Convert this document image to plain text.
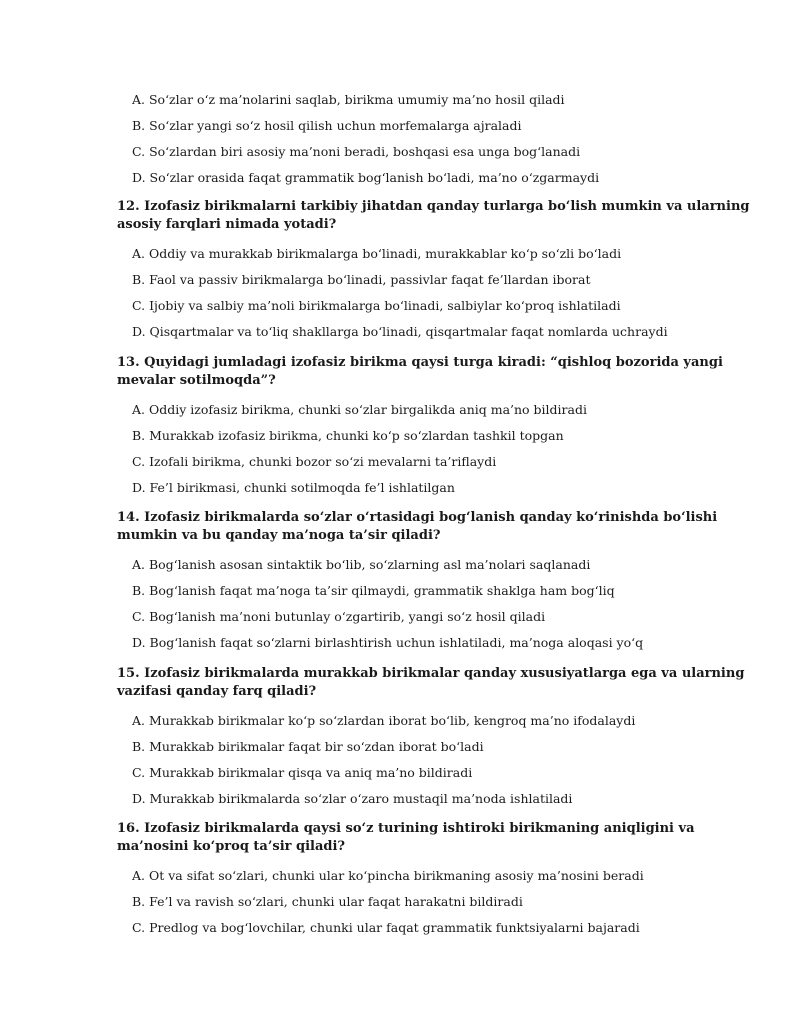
A. So‘zlar o‘z ma’nolarini saqlab, birikma umumiy ma’no hosil qiladi
B. So‘zlar yangi so‘z hosil qilish uchun morfemalarga ajraladi
C. So‘zlardan biri asosiy ma’noni beradi, boshqasi esa unga bog‘lanadi
D. So‘zlar orasida faqat grammatik bog‘lanish bo‘ladi, ma’no o‘zgarmaydi

12. Izofasiz birikmalarni tarkibiy jihatdan qanday turlarga bo‘lish mumkin va ularning asosiy farqlari nimada yotadi?

A. Oddiy va murakkab birikmalarga bo‘linadi, murakkablar ko‘p so‘zli bo‘ladi
B. Faol va passiv birikmalarga bo‘linadi, passivlar faqat fe’llardan iborat
C. Ijobiy va salbiy ma’noli birikmalarga bo‘linadi, salbiylar ko‘proq ishlatiladi
D. Qisqartmalar va to‘liq shakllarga bo‘linadi, qisqartmalar faqat nomlarda uchraydi

13. Quyidagi jumladagi izofasiz birikma qaysi turga kiradi: “qishloq bozorida yangi mevalar sotilmoqda”?

A. Oddiy izofasiz birikma, chunki so‘zlar birgalikda aniq ma’no bildiradi
B. Murakkab izofasiz birikma, chunki ko‘p so‘zlardan tashkil topgan
C. Izofali birikma, chunki bozor so‘zi mevalarni ta’riflaydi
D. Fe’l birikmasi, chunki sotilmoqda fe’l ishlatilgan

14. Izofasiz birikmalarda so‘zlar o‘rtasidagi bog‘lanish qanday ko‘rinishda bo‘lishi mumkin va bu qanday ma’noga ta’sir qiladi?

A. Bog‘lanish asosan sintaktik bo‘lib, so‘zlarning asl ma’nolari saqlanadi
B. Bog‘lanish faqat ma’noga ta’sir qilmaydi, grammatik shaklga ham bog‘liq
C. Bog‘lanish ma’noni butunlay o‘zgartirib, yangi so‘z hosil qiladi
D. Bog‘lanish faqat so‘zlarni birlashtirish uchun ishlatiladi, ma’noga aloqasi yo‘q

15. Izofasiz birikmalarda murakkab birikmalar qanday xususiyatlarga ega va ularning vazifasi qanday farq qiladi?

A. Murakkab birikmalar ko‘p so‘zlardan iborat bo‘lib, kengroq ma’no ifodalaydi
B. Murakkab birikmalar faqat bir so‘zdan iborat bo‘ladi
C. Murakkab birikmalar qisqa va aniq ma’no bildiradi
D. Murakkab birikmalarda so‘zlar o‘zaro mustaqil ma’noda ishlatiladi

16. Izofasiz birikmalarda qaysi so‘z turining ishtiroki birikmaning aniqligini va ma’nosini ko‘proq ta’sir qiladi?

A. Ot va sifat so‘zlari, chunki ular ko‘pincha birikmaning asosiy ma’nosini beradi
B. Fe’l va ravish so‘zlari, chunki ular faqat harakatni bildiradi
C. Predlog va bog‘lovchilar, chunki ular faqat grammatik funktsiyalarni bajaradi
